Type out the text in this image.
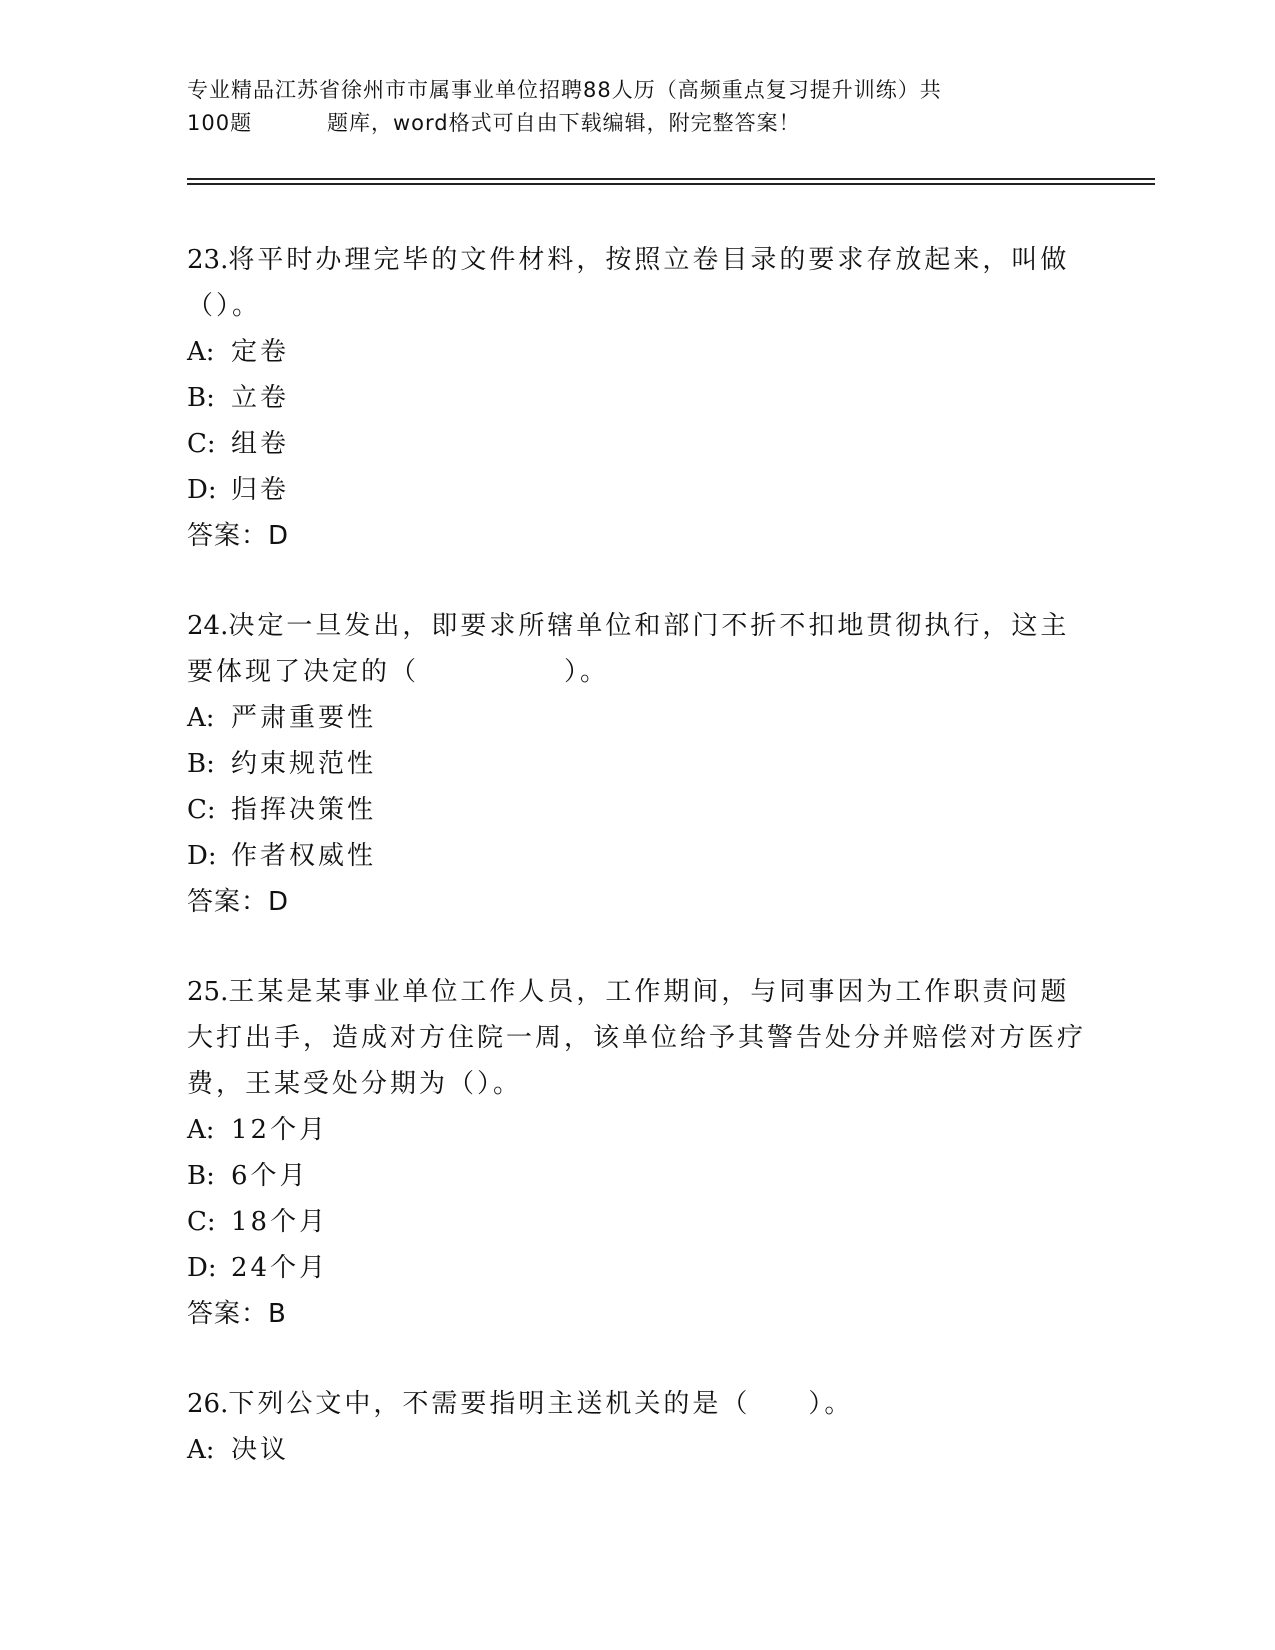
专业精品江苏省徐州市市属事业单位招聘88人历（高频重点复习提升训练）共
100题	题库，word格式可自由下载编辑，附完整答案！
23.将平时办理完毕的文件材料，按照立卷目录的要求存放起来，叫做（）。
A: 定卷
B: 立卷
C: 组卷
D: 归卷
答案：D
24.决定一旦发出，即要求所辖单位和部门不折不扣地贯彻执行，这主要体现了决定的（　　　　　）。
A: 严肃重要性
B: 约束规范性
C: 指挥决策性
D: 作者权威性
答案：D
25.王某是某事业单位工作人员，工作期间，与同事因为工作职责问题大打出手，造成对方住院一周，该单位给予其警告处分并赔偿对方医疗费，王某受处分期为（）。
A: 12个月
B: 6个月
C: 18个月
D: 24个月
答案：B
26.下列公文中，不需要指明主送机关的是（　　）。
A: 决议
